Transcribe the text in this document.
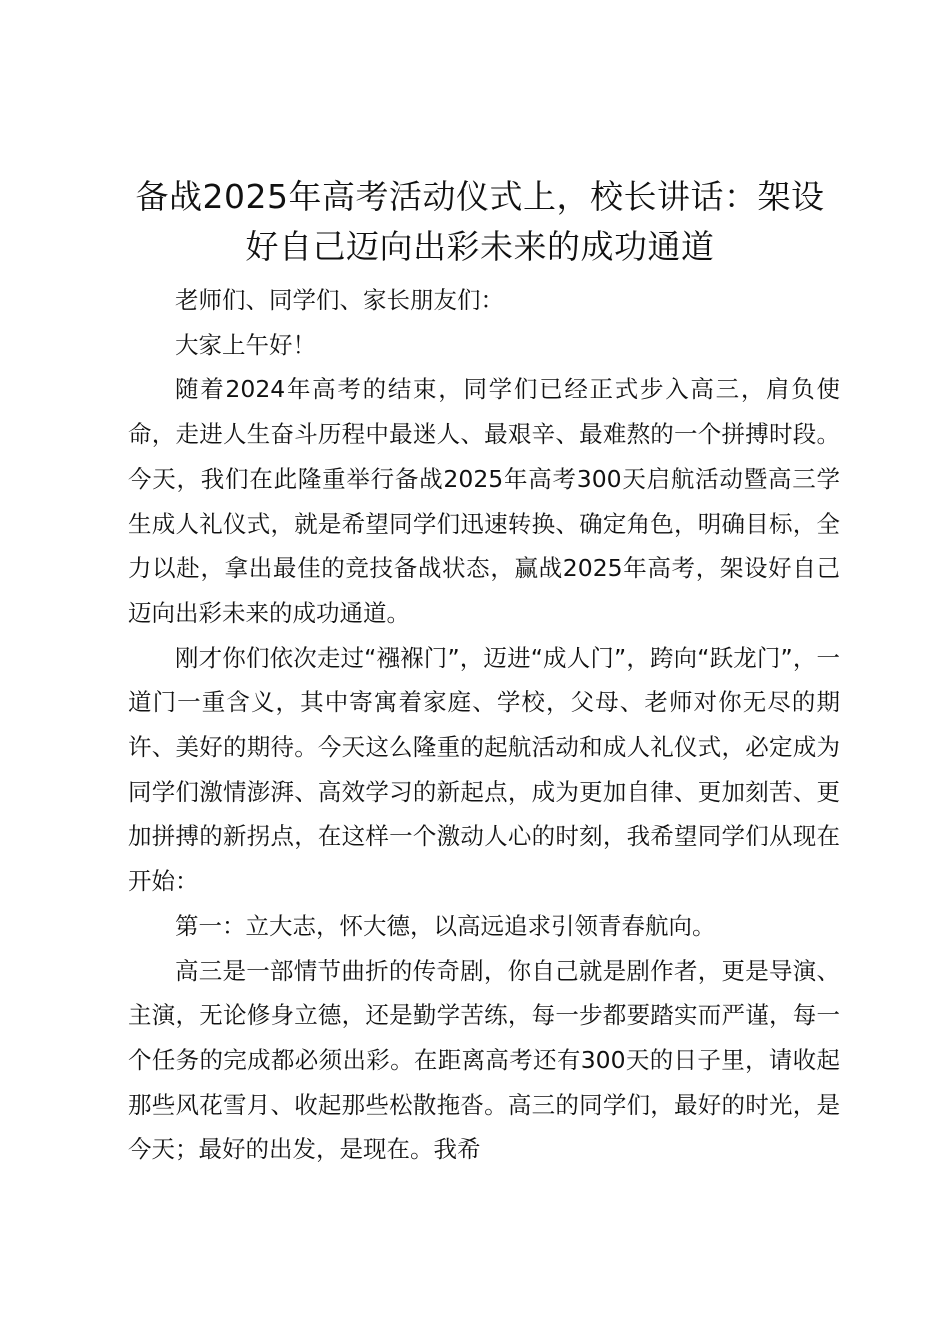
备战2025年高考活动仪式上，校长讲话：架设好自己迈向出彩未来的成功通道

老师们、同学们、家长朋友们：

大家上午好！

随着2024年高考的结束，同学们已经正式步入高三，肩负使命，走进人生奋斗历程中最迷人、最艰辛、最难熬的一个拼搏时段。今天，我们在此隆重举行备战2025年高考300天启航活动暨高三学生成人礼仪式，就是希望同学们迅速转换、确定角色，明确目标，全力以赴，拿出最佳的竞技备战状态，赢战2025年高考，架设好自己迈向出彩未来的成功通道。

刚才你们依次走过“襁褓门”，迈进“成人门”，跨向“跃龙门”，一道门一重含义，其中寄寓着家庭、学校，父母、老师对你无尽的期许、美好的期待。今天这么隆重的起航活动和成人礼仪式，必定成为同学们激情澎湃、高效学习的新起点，成为更加自律、更加刻苦、更加拼搏的新拐点，在这样一个激动人心的时刻，我希望同学们从现在开始：

第一：立大志，怀大德，以高远追求引领青春航向。

高三是一部情节曲折的传奇剧，你自己就是剧作者，更是导演、主演，无论修身立德，还是勤学苦练，每一步都要踏实而严谨，每一个任务的完成都必须出彩。在距离高考还有300天的日子里，请收起那些风花雪月、收起那些松散拖沓。高三的同学们，最好的时光，是今天；最好的出发，是现在。我希
